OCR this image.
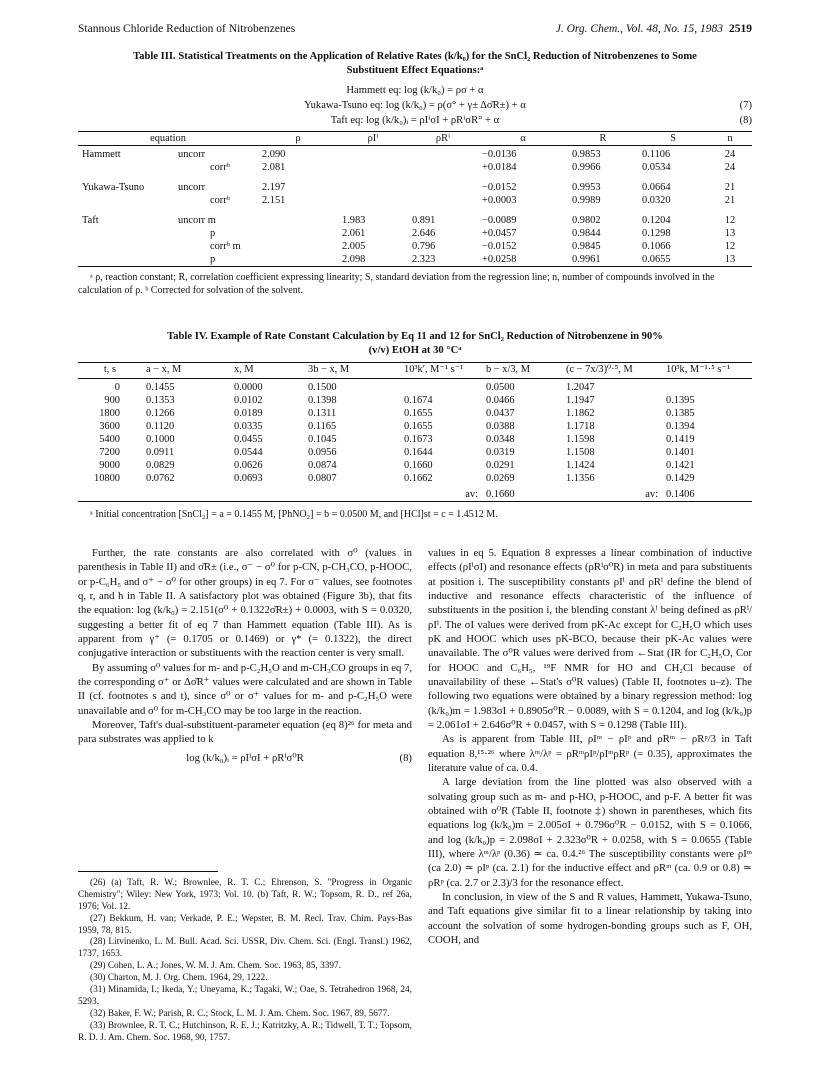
Stannous Chloride Reduction of Nitrobenzenes	J. Org. Chem., Vol. 48, No. 15, 1983 2519
Table III. Statistical Treatments on the Application of Relative Rates (k/k₀) for the SnCl₂ Reduction of Nitrobenzenes to Some Substituent Effect Equations:ᵃ
Hammett eq: log (k/k₀) = ρσ + α
Yukawa-Tsuno eq: log (k/k₀) = ρ(σ° + γ± Δσ̄R±) + α	(7)
Taft eq: log (k/k₀)ᵢ = ρIⁱσI + ρRⁱσR° + α	(8)
equation	ρ	ρIⁱ	ρRⁱ	α	R	S	n

Hammett uncorr	2.090			−0.0136	0.9853	0.1106	24
corrᵇ	2.081			+0.0184	0.9966	0.0534	24

Yukawa-Tsuno uncorr	2.197			−0.0152	0.9953	0.0664	21
corrᵇ	2.151			+0.0003	0.9989	0.0320	21

Taft uncorr m		1.983	0.891	−0.0089	0.9802	0.1204	12
p		2.061	2.646	+0.0457	0.9844	0.1298	13
corrᵇ m		2.005	0.796	−0.0152	0.9845	0.1066	12
p		2.098	2.323	+0.0258	0.9961	0.0655	13
ᵃ ρ, reaction constant; R, correlation coefficient expressing linearity; S, standard deviation from the regression line; n, number of compounds involved in the calculation of ρ. ᵇ Corrected for solvation of the solvent.
Table IV. Example of Rate Constant Calculation by Eq 11 and 12 for SnCl₂ Reduction of Nitrobenzene in 90% (v/v) EtOH at 30 °Cᵃ
t, s	a − x, M	x, M	3b − x, M	10³k′, M⁻¹ s⁻¹	b − x/3, M	(c − 7x/3)⁰·⁵, M	10³k, M⁻¹·⁵ s⁻¹

0	0.1455	0.0000	0.1500		0.0500	1.2047	
900	0.1353	0.0102	0.1398	0.1674	0.0466	1.1947	0.1395
1800	0.1266	0.0189	0.1311	0.1655	0.0437	1.1862	0.1385
3600	0.1120	0.0335	0.1165	0.1655	0.0388	1.1718	0.1394
5400	0.1000	0.0455	0.1045	0.1673	0.0348	1.1598	0.1419
7200	0.0911	0.0544	0.0956	0.1644	0.0319	1.1508	0.1401
9000	0.0829	0.0626	0.0874	0.1660	0.0291	1.1424	0.1421
10800	0.0762	0.0693	0.0807	0.1662	0.0269	1.1356	0.1429
				av:	0.1660	av:	0.1406
ᵃ Initial concentration [SnCl₂] = a = 0.1455 M, [PhNO₂] = b = 0.0500 M, and [HCl]st = c = 1.4512 M.

Further, the rate constants are also correlated with σ⁰ (values in parenthesis in Table II) and σ̄R± (i.e., σ⁻ − σ⁰ for p-CN, p-CH₃CO, p-HOOC, or p-C₆H₅ and σ⁺ − σ⁰ for other groups) in eq 7. For σ⁻ values, see footnotes q, r, and h in Table II. A satisfactory plot was obtained (Figure 3b), that fits the equation: log (k/k₀) = 2.151(σ⁰ + 0.1322σ̄R±) + 0.0003, with S = 0.0320, suggesting a better fit of eq 7 than Hammett equation (Table III). As is apparent from γ⁺ (= 0.1705 or 0.1469) or γ* (= 0.1322), the direct conjugative interaction or substituents with the reaction center is very small.

By assuming σ⁰ values for m- and p-C₂H₅O and m-CH₃CO groups in eq 7, the corresponding σ⁺ or Δσ̄R⁺ values were calculated and are shown in Table II (cf. footnotes s and t), since σ⁰ or σ⁺ values for m- and p-C₂H₅O were unavailable and σ⁰ for m-CH₃CO may be too large in the reaction.

Moreover, Taft's dual-substituent-parameter equation (eq 8)²⁶ for meta and para substrates was applied to k

log (k/k₀)ᵢ = ρIⁱσI + ρRⁱσ⁰R	(8)
(26) (a) Taft, R. W.; Brownlee, R. T. C.; Ehrenson, S. "Progress in Organic Chemistry"; Wiley: New York, 1973; Vol. 10. (b) Taft, R. W.; Topsom, R. D., ref 26a, 1976; Vol. 12.
(27) Bekkum, H. van; Verkade, P. E.; Wepster, B. M. Recl. Trav. Chim. Pays-Bas 1959, 78, 815.
(28) Litvinenko, L. M. Bull. Acad. Sci. USSR, Div. Chem. Sci. (Engl. Transl.) 1962, 1737, 1653.
(29) Cohen, L. A.; Jones, W. M. J. Am. Chem. Soc. 1963, 85, 3397.
(30) Charton, M. J. Org. Chem. 1964, 29, 1222.
(31) Minamida, I.; Ikeda, Y.; Uneyama, K.; Tagaki, W.; Oae, S. Tetrahedron 1968, 24, 5293.
(32) Baker, F. W.; Parish, R. C.; Stock, L. M. J. Am. Chem. Soc. 1967, 89, 5677.
(33) Brownlee, R. T. C.; Hutchinson, R. E. J.; Katritzky, A. R.; Tidwell, T. T.; Topsom, R. D. J. Am. Chem. Soc. 1968, 90, 1757.

values in eq 5. Equation 8 expresses a linear combination of inductive effects (ρIⁱσI) and resonance effects (ρRⁱσ⁰R) in meta and para substituents at position i. The susceptibility constants ρIⁱ and ρRⁱ define the blend of inductive and resonance effects characteristic of the influence of substituents in the position i, the blending constant λⁱ being defined as ρRⁱ/ρIⁱ. The σI values were derived from pK-Ac except for C₂H₅O which uses pK and HOOC which uses pK-BCO, because their pK-Ac values were unavailable. The σ⁰R values were derived from ←Stat (IR for C₂H₅O, Cor for HOOC and C₆H₅, ¹⁹F NMR for HO and CH₂Cl because of unavailability of these ←Stat's σ⁰R values) (Table II, footnotes u–z). The following two equations were obtained by a binary regression method: log (k/k₀)m = 1.983σI + 0.8905σ⁰R − 0.0089, with S = 0.1204, and log (k/k₀)p = 2.061σI + 2.646σ⁰R + 0.0457, with S = 0.1298 (Table III).

As is apparent from Table III, ρIᵐ − ρIᵖ and ρRᵐ − ρRᵖ/3 in Taft equation 8,¹⁵·²⁶ where λᵐ/λᵖ = ρRᵐρIᵖ/ρIᵐρRᵖ (= 0.35), approximates the literature value of ca. 0.4.

A large deviation from the line plotted was also observed with a solvating group such as m- and p-HO, p-HOOC, and p-F. A better fit was obtained with σ⁰R (Table II, footnote ‡) shown in parentheses, which fits equations log (k/k₀)m = 2.005σI + 0.796σ⁰R − 0.0152, with S = 0.1066, and log (k/k₀)p = 2.098σI + 2.323σ⁰R + 0.0258, with S = 0.0655 (Table III), where λᵐ/λᵖ (0.36) ≃ ca. 0.4.²⁶ The susceptibility constants were ρIᵐ (ca 2.0) ≃ ρIᵖ (ca. 2.1) for the inductive effect and ρRᵐ (ca. 0.9 or 0.8) ≃ ρRᵖ (ca. 2.7 or 2.3)/3 for the resonance effect.

In conclusion, in view of the S and R values, Hammett, Yukawa-Tsuno, and Taft equations give similar fit to a linear relationship by taking into account the solvation of some hydrogen-bonding groups such as F, OH, COOH, and
